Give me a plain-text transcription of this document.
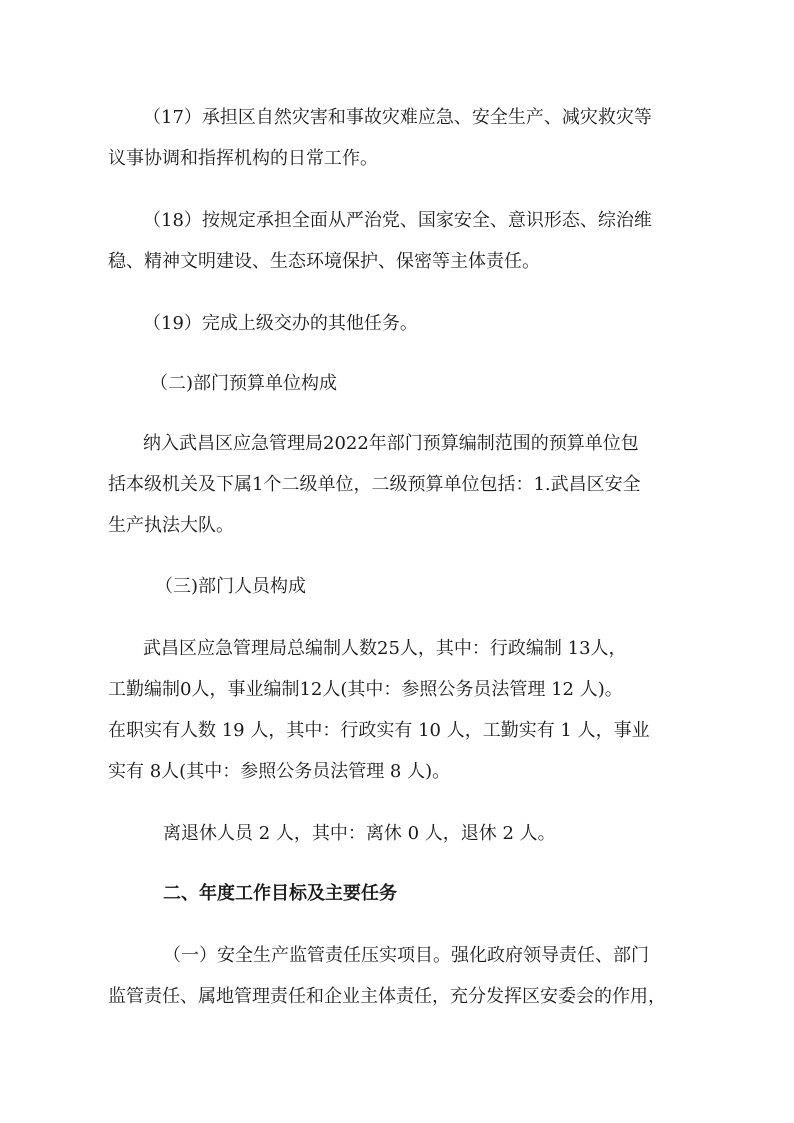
（17）承担区自然灾害和事故灾难应急、安全生产、减灾救灾等
议事协调和指挥机构的日常工作。
（18）按规定承担全面从严治党、国家安全、意识形态、综治维
稳、精神文明建设、生态环境保护、保密等主体责任。
（19）完成上级交办的其他任务。
（二)部门预算单位构成
纳入武昌区应急管理局2022年部门预算编制范围的预算单位包
括本级机关及下属1个二级单位，二级预算单位包括：1.武昌区安全
生产执法大队。
（三)部门人员构成
武昌区应急管理局总编制人数25人，其中：行政编制 13人，
工勤编制0人，事业编制12人(其中：参照公务员法管理 12 人)。
在职实有人数 19 人，其中：行政实有 10 人，工勤实有 1 人，事业
实有 8人(其中：参照公务员法管理 8 人)。
离退休人员 2 人，其中：离休 0 人，退休 2 人。
二、年度工作目标及主要任务
（一）安全生产监管责任压实项目。强化政府领导责任、部门
监管责任、属地管理责任和企业主体责任，充分发挥区安委会的作用，
